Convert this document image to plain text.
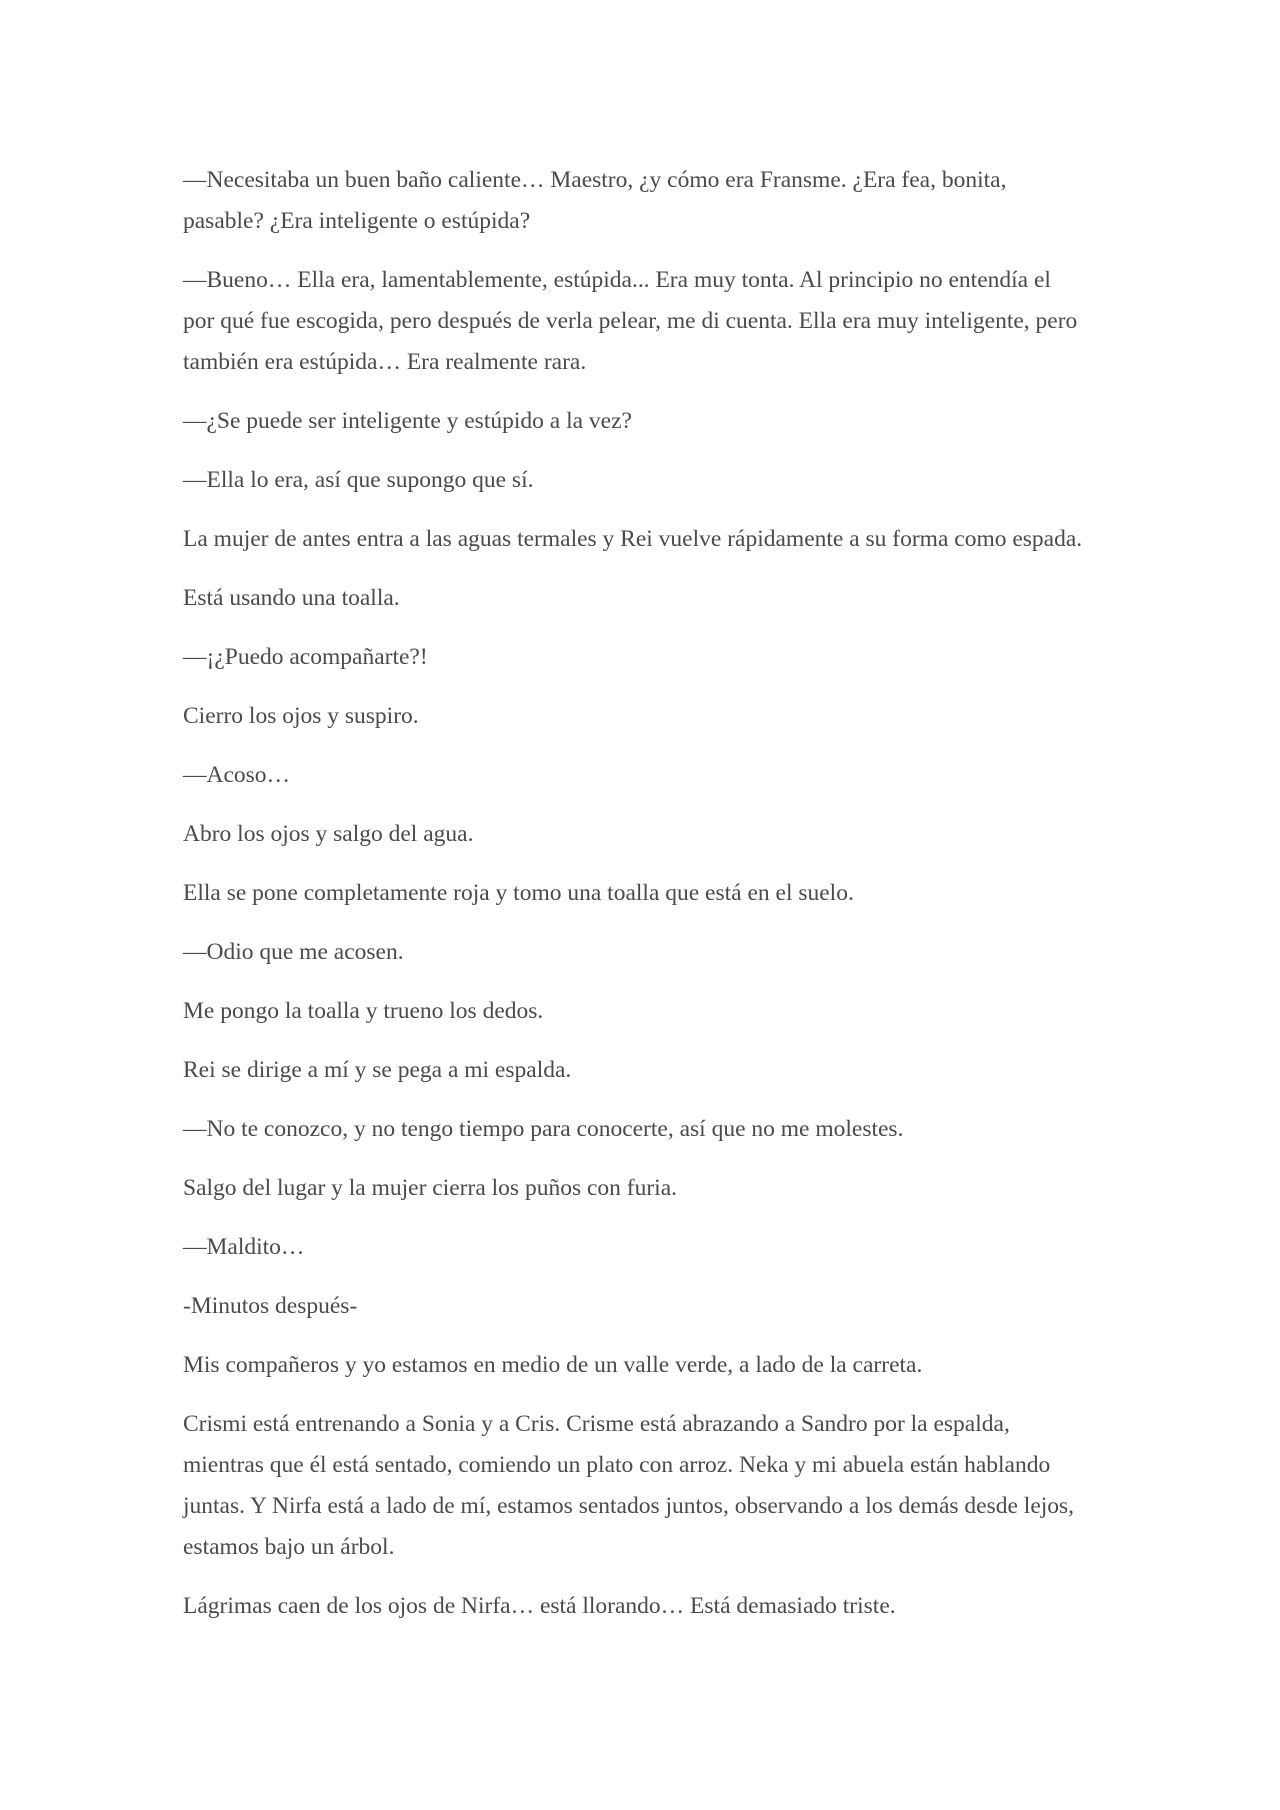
—Necesitaba un buen baño caliente… Maestro, ¿y cómo era Fransme. ¿Era fea, bonita, pasable? ¿Era inteligente o estúpida?

—Bueno… Ella era, lamentablemente, estúpida... Era muy tonta. Al principio no entendía el por qué fue escogida, pero después de verla pelear, me di cuenta. Ella era muy inteligente, pero también era estúpida… Era realmente rara.

—¿Se puede ser inteligente y estúpido a la vez?

—Ella lo era, así que supongo que sí.

La mujer de antes entra a las aguas termales y Rei vuelve rápidamente a su forma como espada.

Está usando una toalla.

—¡¿Puedo acompañarte?!

Cierro los ojos y suspiro.

—Acoso…

Abro los ojos y salgo del agua.

Ella se pone completamente roja y tomo una toalla que está en el suelo.

—Odio que me acosen.

Me pongo la toalla y trueno los dedos.

Rei se dirige a mí y se pega a mi espalda.

—No te conozco, y no tengo tiempo para conocerte, así que no me molestes.

Salgo del lugar y la mujer cierra los puños con furia.

—Maldito…

-Minutos después-

Mis compañeros y yo estamos en medio de un valle verde, a lado de la carreta.

Crismi está entrenando a Sonia y a Cris. Crisme está abrazando a Sandro por la espalda, mientras que él está sentado, comiendo un plato con arroz. Neka y mi abuela están hablando juntas. Y Nirfa está a lado de mí, estamos sentados juntos, observando a los demás desde lejos, estamos bajo un árbol.

Lágrimas caen de los ojos de Nirfa… está llorando… Está demasiado triste.
